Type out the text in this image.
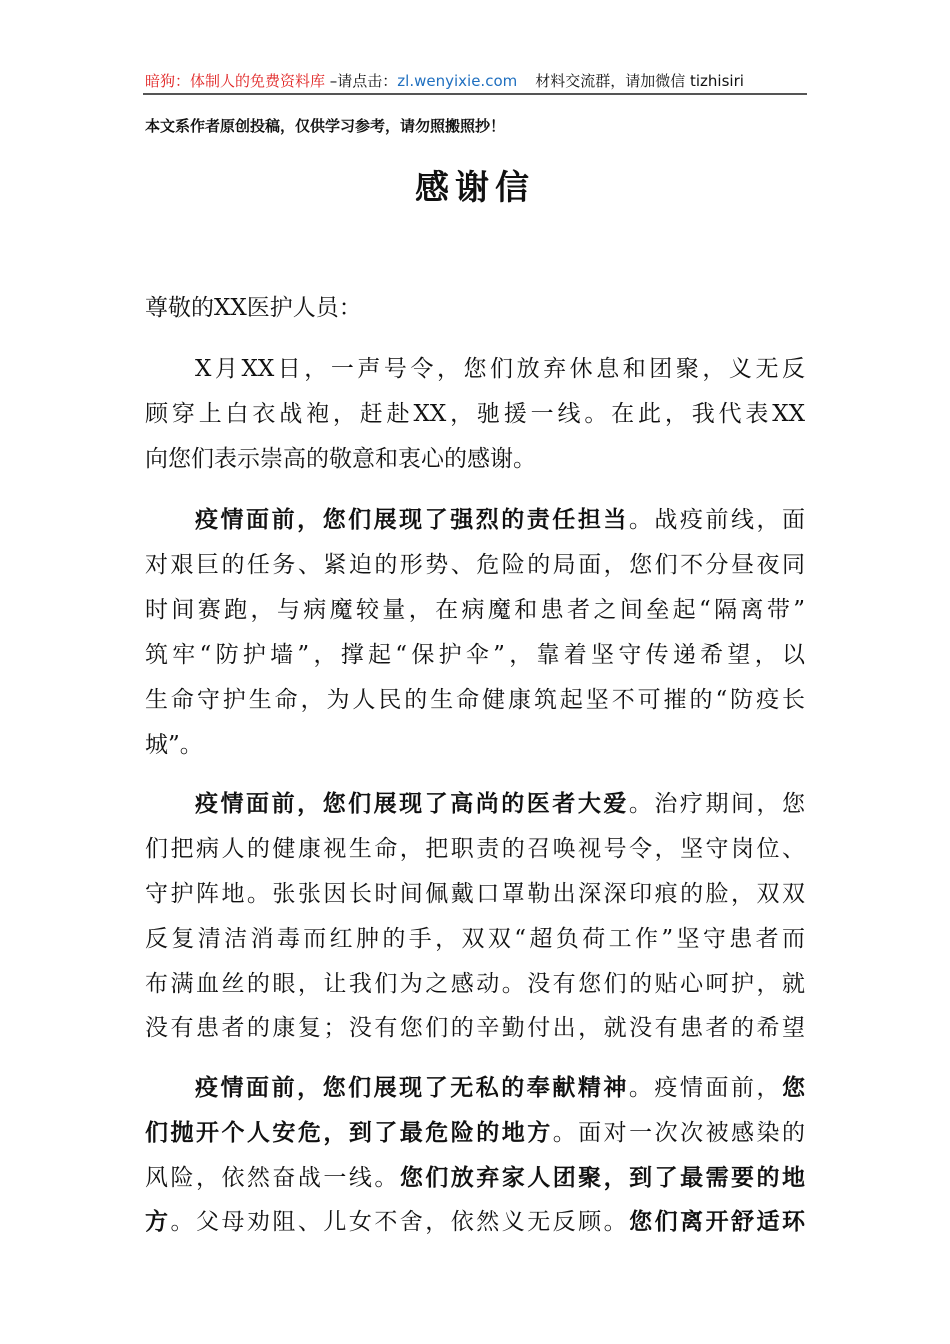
暗狗：体制人的免费资料库 –请点击：zl.wenyixie.com 材料交流群，请加微信 tizhisiri
本文系作者原创投稿，仅供学习参考，请勿照搬照抄！
感谢信
尊敬的XX医护人员：
X月XX日，一声号令，您们放弃休息和团聚，义无反
顾穿上白衣战袍，赶赴XX，驰援一线。在此，我代表XX
向您们表示崇高的敬意和衷心的感谢。
疫情面前，您们展现了强烈的责任担当。战疫前线，面
对艰巨的任务、紧迫的形势、危险的局面，您们不分昼夜同
时间赛跑，与病魔较量，在病魔和患者之间垒起“隔离带”
筑牢“防护墙”，撑起“保护伞”，靠着坚守传递希望，以
生命守护生命，为人民的生命健康筑起坚不可摧的“防疫长
城”。
疫情面前，您们展现了高尚的医者大爱。治疗期间，您
们把病人的健康视生命，把职责的召唤视号令，坚守岗位、
守护阵地。张张因长时间佩戴口罩勒出深深印痕的脸，双双
反复清洁消毒而红肿的手，双双“超负荷工作”坚守患者而
布满血丝的眼，让我们为之感动。没有您们的贴心呵护，就
没有患者的康复；没有您们的辛勤付出，就没有患者的希望
疫情面前，您们展现了无私的奉献精神。疫情面前，您
们抛开个人安危，到了最危险的地方。面对一次次被感染的
风险，依然奋战一线。您们放弃家人团聚，到了最需要的地
方。父母劝阻、儿女不舍，依然义无反顾。您们离开舒适环
